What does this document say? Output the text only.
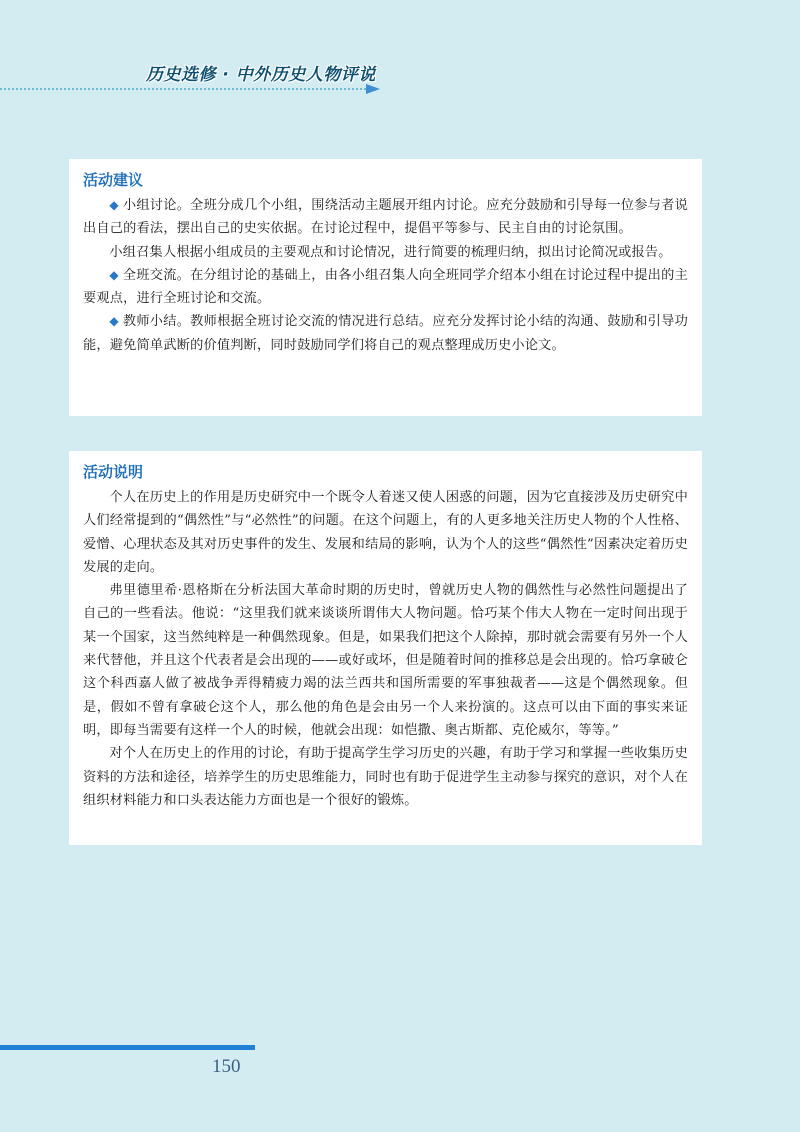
历史选修 · 中外历史人物评说
活动建议

◆ 小组讨论。全班分成几个小组，围绕活动主题展开组内讨论。应充分鼓励和引导每一位参与者说出自己的看法，摆出自己的史实依据。在讨论过程中，提倡平等参与、民主自由的讨论氛围。

小组召集人根据小组成员的主要观点和讨论情况，进行简要的梳理归纳，拟出讨论简况或报告。

◆ 全班交流。在分组讨论的基础上，由各小组召集人向全班同学介绍本小组在讨论过程中提出的主要观点，进行全班讨论和交流。

◆ 教师小结。教师根据全班讨论交流的情况进行总结。应充分发挥讨论小结的沟通、鼓励和引导功能，避免简单武断的价值判断，同时鼓励同学们将自己的观点整理成历史小论文。

活动说明

个人在历史上的作用是历史研究中一个既令人着迷又使人困惑的问题，因为它直接涉及历史研究中人们经常提到的“偶然性”与“必然性”的问题。在这个问题上，有的人更多地关注历史人物的个人性格、爱憎、心理状态及其对历史事件的发生、发展和结局的影响，认为个人的这些“偶然性”因素决定着历史发展的走向。

弗里德里希·恩格斯在分析法国大革命时期的历史时，曾就历史人物的偶然性与必然性问题提出了自己的一些看法。他说：“这里我们就来谈谈所谓伟大人物问题。恰巧某个伟大人物在一定时间出现于某一个国家，这当然纯粹是一种偶然现象。但是，如果我们把这个人除掉，那时就会需要有另外一个人来代替他，并且这个代表者是会出现的——或好或坏，但是随着时间的推移总是会出现的。恰巧拿破仑这个科西嘉人做了被战争弄得精疲力竭的法兰西共和国所需要的军事独裁者——这是个偶然现象。但是，假如不曾有拿破仑这个人，那么他的角色是会由另一个人来扮演的。这点可以由下面的事实来证明，即每当需要有这样一个人的时候，他就会出现：如恺撒、奥古斯都、克伦威尔，等等。”

对个人在历史上的作用的讨论，有助于提高学生学习历史的兴趣，有助于学习和掌握一些收集历史资料的方法和途径，培养学生的历史思维能力，同时也有助于促进学生主动参与探究的意识，对个人在组织材料能力和口头表达能力方面也是一个很好的锻炼。

150
